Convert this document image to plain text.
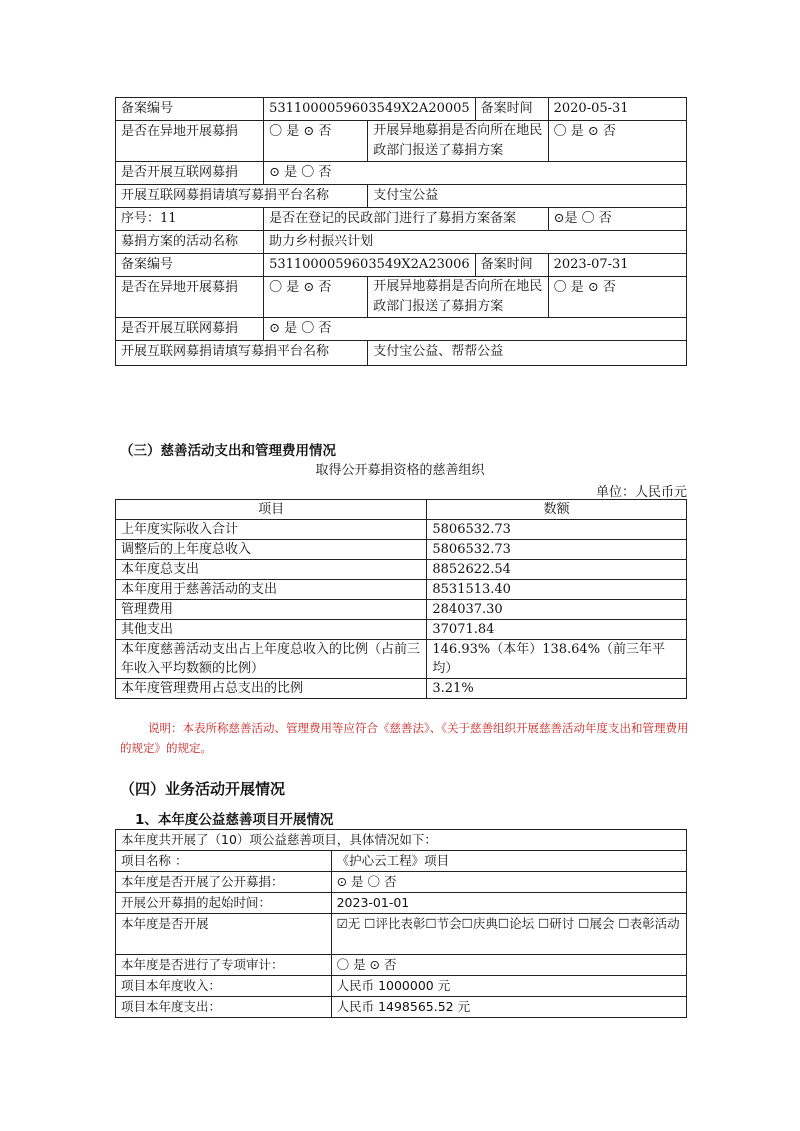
备案编号	5311000059603549X2A20005		备案时间	2020-05-31
是否在异地开展募捐	〇 是 ⊙ 否	开展异地募捐是否向所在地民政部门报送了募捐方案		〇 是 ⊙ 否
是否开展互联网募捐	⊙ 是 〇 否			
开展互联网募捐请填写募捐平台名称		支付宝公益		
序号：11	是否在登记的民政部门进行了募捐方案备案			⊙是 〇 否
募捐方案的活动名称	助力乡村振兴计划			
备案编号	5311000059603549X2A23006		备案时间	2023-07-31
是否在异地开展募捐	〇 是 ⊙ 否	开展异地募捐是否向所在地民政部门报送了募捐方案		〇 是 ⊙ 否
是否开展互联网募捐	⊙ 是 〇 否			
开展互联网募捐请填写募捐平台名称		支付宝公益、帮帮公益		
（三）慈善活动支出和管理费用情况
取得公开募捐资格的慈善组织
单位：人民币元
项目	数额
上年度实际收入合计	5806532.73
调整后的上年度总收入	5806532.73
本年度总支出	8852622.54
本年度用于慈善活动的支出	8531513.40
管理费用	284037.30
其他支出	37071.84
本年度慈善活动支出占上年度总收入的比例（占前三年收入平均数额的比例）	146.93%（本年）138.64%（前三年平均）
本年度管理费用占总支出的比例	3.21%
说明：本表所称慈善活动、管理费用等应符合《慈善法》、《关于慈善组织开展慈善活动年度支出和管理费用的规定》的规定。
（四）业务活动开展情况
1、本年度公益慈善项目开展情况
本年度共开展了（10）项公益慈善项目，具体情况如下：	
项目名称 ：	《护心云工程》项目
本年度是否开展了公开募捐：	⊙ 是 〇 否
开展公开募捐的起始时间：	2023-01-01
本年度是否开展	☑无 ☐评比表彰☐节会☐庆典☐论坛 ☐研讨 ☐展会 ☐表彰活动
本年度是否进行了专项审计：	〇 是 ⊙ 否
项目本年度收入：	人民币 1000000 元
项目本年度支出：	人民币 1498565.52 元
